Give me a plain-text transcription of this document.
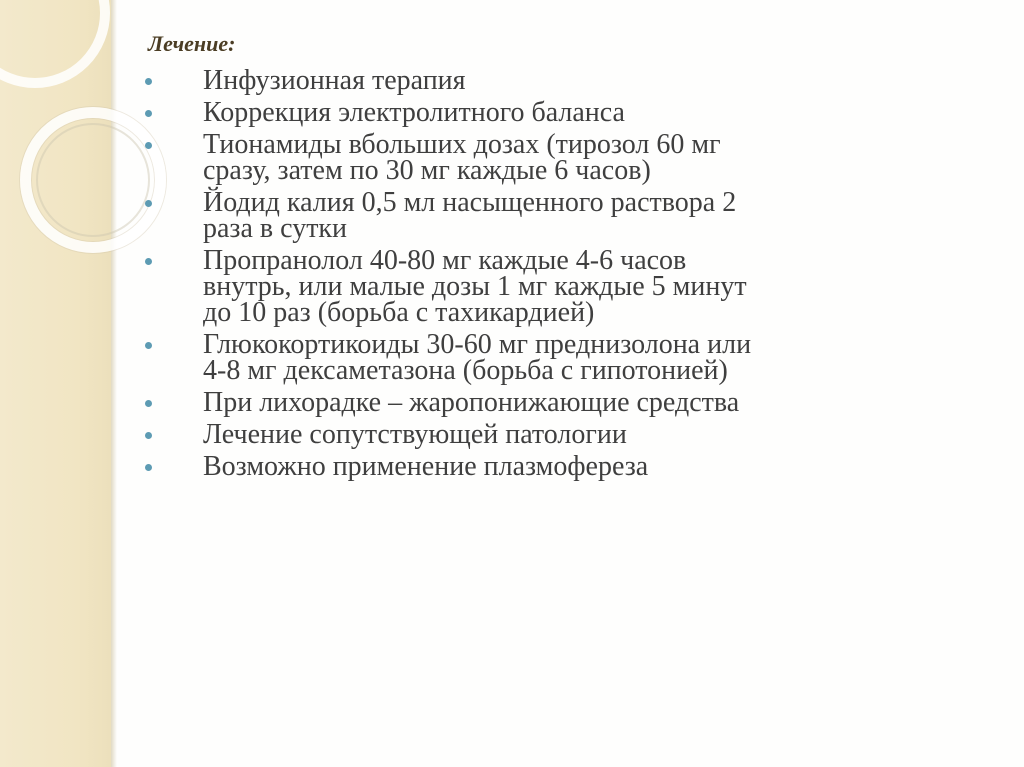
Лечение:
Инфузионная терапия
Коррекция электролитного баланса
Тионамиды вбольших дозах (тирозол 60 мг
сразу, затем по 30 мг каждые 6 часов)
Йодид калия 0,5 мл насыщенного раствора 2
раза в сутки
Пропранолол 40-80 мг каждые 4-6 часов
внутрь, или малые дозы 1 мг каждые 5 минут
до 10 раз (борьба с тахикардией)
Глюкокортикоиды 30-60 мг преднизолона или
4-8 мг дексаметазона (борьба с гипотонией)
При лихорадке – жаропонижающие средства
Лечение сопутствующей патологии
Возможно применение плазмофереза
